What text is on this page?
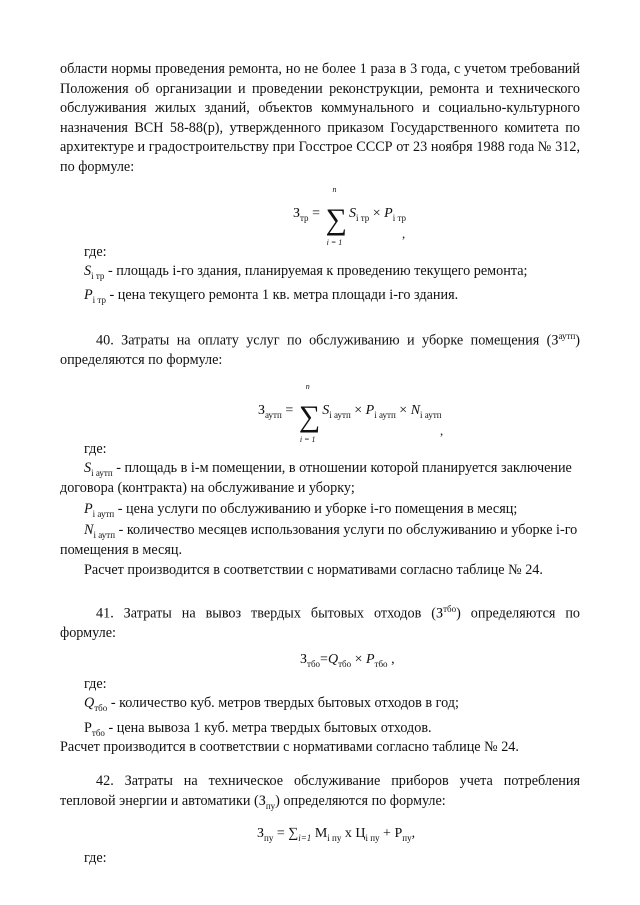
области нормы проведения ремонта, но не более 1 раза в 3 года, с учетом требований Положения об организации и проведении реконструкции, ремонта и технического обслуживания жилых зданий, объектов коммунального и социально-культурного назначения ВСН 58-88(р), утвержденного приказом Государственного комитета по архитектуре и градостроительству при Госстрое СССР от 23 ноября 1988 года № 312, по формуле:
$З_{тр}$ =
n
∑
i = 1
$S_{i тр} \times P_{i тр}$
,
где:
$S_{i тр}$ - площадь i-го здания, планируемая к проведению текущего ремонта;
$P_{i тр}$ - цена текущего ремонта 1 кв. метра площади i-го здания.
40. Затраты на оплату услуг по обслуживанию и уборке помещения $(З^{аутп})$ определяются по формуле:
$З_{аутп}$ =
n
∑
i = 1
$S_{i аутп} \times P_{i аутп} \times N_{i аутп}$
,
где:
$S_{i аутп}$ - площадь в i-м помещении, в отношении которой планируется заключение договора (контракта) на обслуживание и уборку;
$P_{i аутп}$ - цена услуги по обслуживанию и уборке i-го помещения в месяц;
$N_{i аутп}$ - количество месяцев использования услуги по обслуживанию и уборке i-го помещения в месяц.
Расчет производится в соответствии с нормативами согласно таблице № 24.
41. Затраты на вывоз твердых бытовых отходов $(З^{тбо})$ определяются по формуле:
$З_{тбо}=Q_{тбо} \times P_{тбо}$ ,
где:
$Q_{тбо}$ - количество куб. метров твердых бытовых отходов в год;
$Р_{тбо}$ - цена вывоза 1 куб. метра твердых бытовых отходов.
Расчет производится в соответствии с нормативами согласно таблице № 24.
42. Затраты на техническое обслуживание приборов учета потребления тепловой энергии и автоматики $(З_{пу})$ определяются по формуле:
$З_{пу} = \sum_{i=1}$ $M_{i пу}$ x $Ц_{i пу} + Р_{пу}$,
где:
